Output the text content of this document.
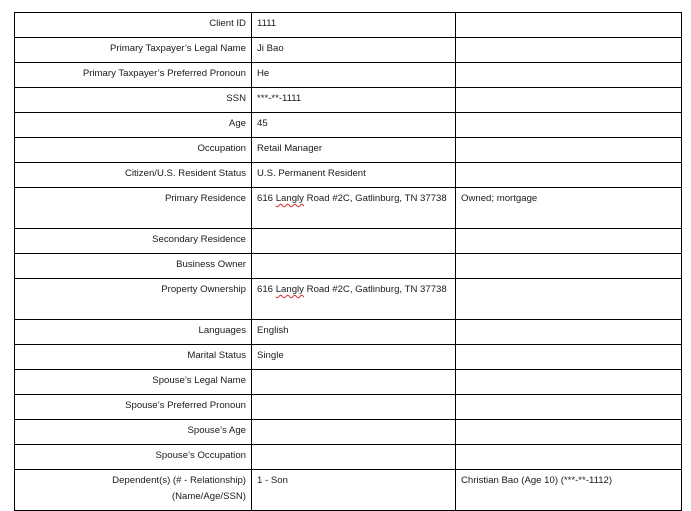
Client ID	1111	
Primary Taxpayer’s Legal Name	Ji Bao	
Primary Taxpayer’s Preferred Pronoun	He	
SSN	***-**-1111	
Age	45	
Occupation	Retail Manager	
Citizen/U.S. Resident Status	U.S. Permanent Resident	
Primary Residence	616 Langly Road #2C, Gatlinburg, TN 37738	Owned; mortgage
Secondary Residence		
Business Owner		
Property Ownership	616 Langly Road #2C, Gatlinburg, TN 37738	
Languages	English	
Marital Status	Single	
Spouse’s Legal Name		
Spouse’s Preferred Pronoun		
Spouse’s Age		
Spouse’s Occupation		
Dependent(s) (# - Relationship)
(Name/Age/SSN)	1 - Son	Christian Bao (Age 10) (***-**-1112)
